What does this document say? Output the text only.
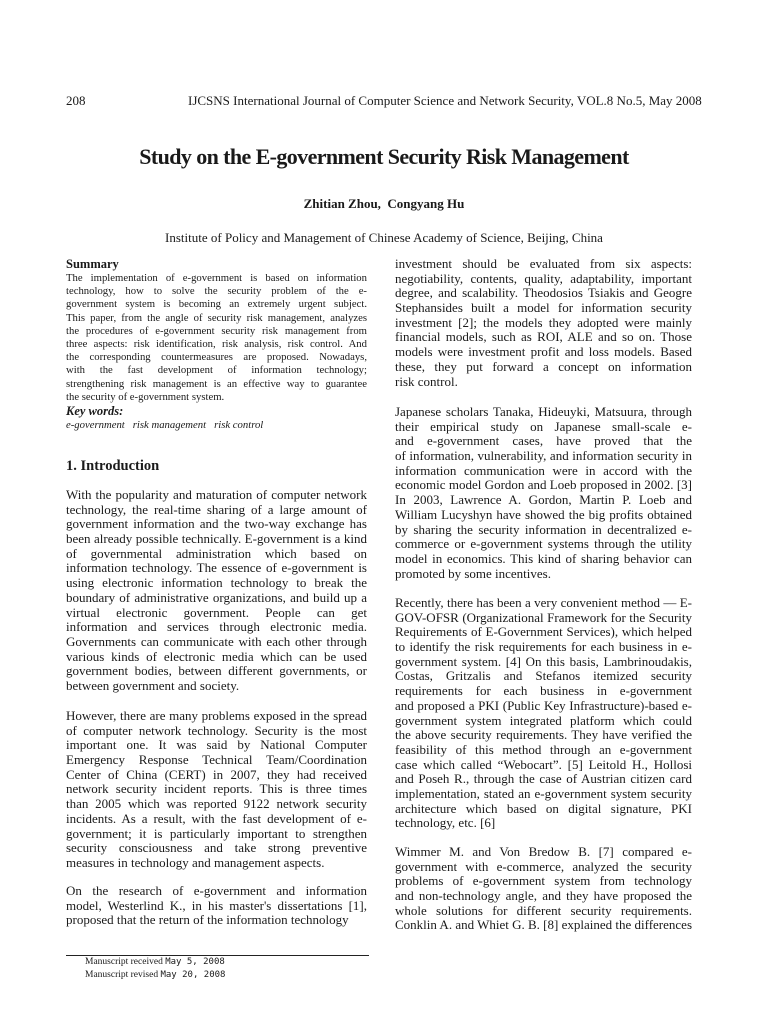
208	IJCSNS International Journal of Computer Science and Network Security, VOL.8 No.5, May 2008
Study on the E-government Security Risk Management
Zhitian Zhou,  Congyang Hu
Institute of Policy and Management of Chinese Academy of Science, Beijing, China
Summary
The implementation of e-government is based on information
technology, how to solve the security problem of the e-
government system is becoming an extremely urgent subject.
This paper, from the angle of security risk management, analyzes
the procedures of e-government security risk management from
three aspects: risk identification, risk analysis, risk control. And
the corresponding countermeasures are proposed. Nowadays,
with the fast development of information technology;
strengthening risk management is an effective way to guarantee
the security of e-government system.
Key words:
e-government   risk management   risk control
1. Introduction
With the popularity and maturation of computer network
technology, the real-time sharing of a large amount of
government information and the two-way exchange has
been already possible technically. E-government is a kind
of governmental administration which based on
information technology. The essence of e-government is
using electronic information technology to break the
boundary of administrative organizations, and build up a
virtual electronic government. People can get
information and services through electronic media.
Governments can communicate with each other through
various kinds of electronic media which can be used
government bodies, between different governments, or
between government and society.
However, there are many problems exposed in the spread
of computer network technology. Security is the most
important one. It was said by National Computer
Emergency Response Technical Team/Coordination
Center of China (CERT) in 2007, they had received
network security incident reports. This is three times
than 2005 which was reported 9122 network security
incidents. As a result, with the fast development of e-
government; it is particularly important to strengthen
security consciousness and take strong preventive
measures in technology and management aspects.
On the research of e-government and information
model, Westerlind K., in his master's dissertations [1],
proposed that the return of the information technology
investment should be evaluated from six aspects:
negotiability, contents, quality, adaptability, important
degree, and scalability. Theodosios Tsiakis and Geogre
Stephansides built a model for information security
investment [2]; the models they adopted were mainly
financial models, such as ROI, ALE and so on. Those
models were investment profit and loss models. Based
these, they put forward a concept on information
risk control.
Japanese scholars Tanaka, Hideuyki, Matsuura, through
their empirical study on Japanese small-scale e-
and e-government cases, have proved that the
of information, vulnerability, and information security in
information communication were in accord with the
economic model Gordon and Loeb proposed in 2002. [3]
In 2003, Lawrence A. Gordon, Martin P. Loeb and
William Lucyshyn have showed the big profits obtained
by sharing the security information in decentralized e-
commerce or e-government systems through the utility
model in economics. This kind of sharing behavior can
promoted by some incentives.
Recently, there has been a very convenient method — E-
GOV-OFSR (Organizational Framework for the Security
Requirements of E-Government Services), which helped
to identify the risk requirements for each business in e-
government system. [4] On this basis, Lambrinoudakis,
Costas, Gritzalis and Stefanos itemized security
requirements for each business in e-government
and proposed a PKI (Public Key Infrastructure)-based e-
government system integrated platform which could
the above security requirements. They have verified the
feasibility of this method through an e-government
case which called “Webocart”. [5] Leitold H., Hollosi
and Poseh R., through the case of Austrian citizen card
implementation, stated an e-government system security
architecture which based on digital signature, PKI
technology, etc. [6]
Wimmer M. and Von Bredow B. [7] compared e-
government with e-commerce, analyzed the security
problems of e-government system from technology
and non-technology angle, and they have proposed the
whole solutions for different security requirements.
Conklin A. and Whiet G. B. [8] explained the differences
Manuscript received May 5, 2008
Manuscript revised May 20, 2008
